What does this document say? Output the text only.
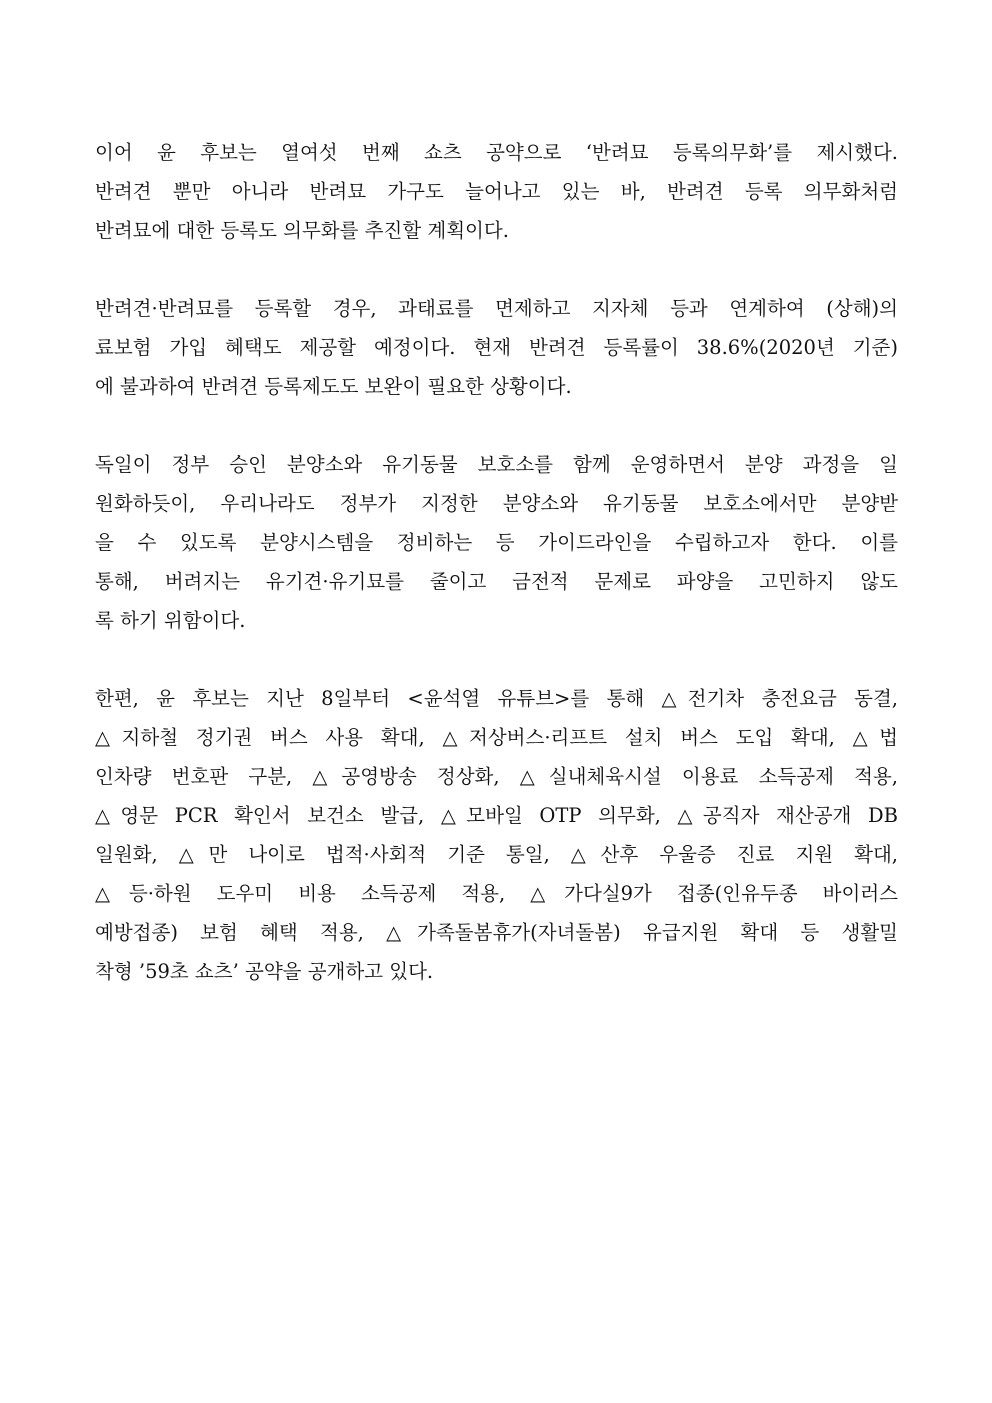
이어 윤 후보는 열여섯 번째 쇼츠 공약으로 ‘반려묘 등록의무화’를 제시했다.
반려견 뿐만 아니라 반려묘 가구도 늘어나고 있는 바, 반려견 등록 의무화처럼
반려묘에 대한 등록도 의무화를 추진할 계획이다.
반려견·반려묘를 등록할 경우, 과태료를 면제하고 지자체 등과 연계하여 (상해)의
료보험 가입 혜택도 제공할 예정이다. 현재 반려견 등록률이 38.6%(2020년 기준)
에 불과하여 반려견 등록제도도 보완이 필요한 상황이다.
독일이 정부 승인 분양소와 유기동물 보호소를 함께 운영하면서 분양 과정을 일
원화하듯이, 우리나라도 정부가 지정한 분양소와 유기동물 보호소에서만 분양받
을 수 있도록 분양시스템을 정비하는 등 가이드라인을 수립하고자 한다. 이를
통해, 버려지는 유기견·유기묘를 줄이고 금전적 문제로 파양을 고민하지 않도
록 하기 위함이다.
한편, 윤 후보는 지난 8일부터 <윤석열 유튜브>를 통해 △전기차 충전요금 동결,
△지하철 정기권 버스 사용 확대, △저상버스·리프트 설치 버스 도입 확대, △법
인차량 번호판 구분, △공영방송 정상화, △실내체육시설 이용료 소득공제 적용,
△영문 PCR 확인서 보건소 발급, △모바일 OTP 의무화, △공직자 재산공개 DB
일원화, △만 나이로 법적·사회적 기준 통일, △산후 우울증 진료 지원 확대,
△등·하원 도우미 비용 소득공제 적용, △가다실9가 접종(인유두종 바이러스
예방접종) 보험 혜택 적용, △가족돌봄휴가(자녀돌봄) 유급지원 확대 등 생활밀
착형 ’59초 쇼츠’ 공약을 공개하고 있다.
